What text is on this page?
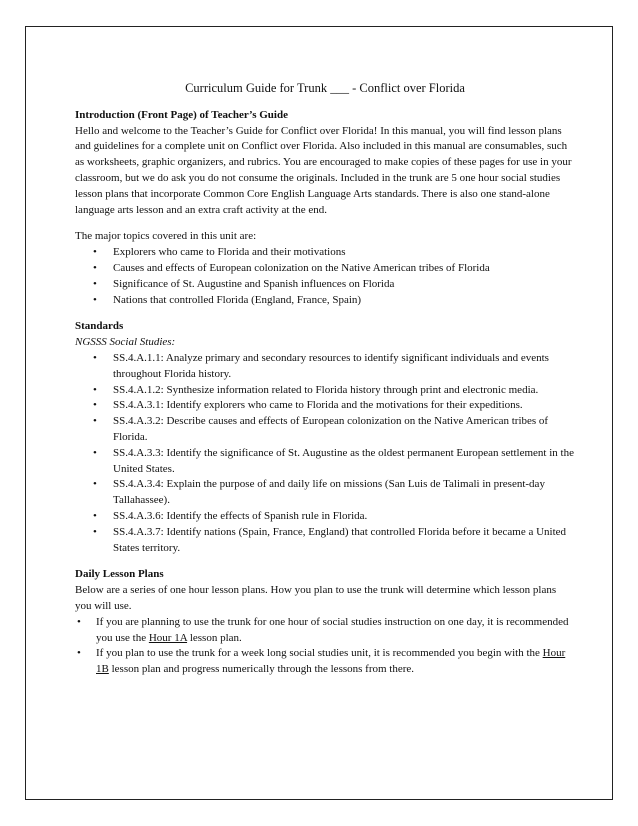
Curriculum Guide for Trunk ___ - Conflict over Florida
Introduction (Front Page) of Teacher’s Guide

Hello and welcome to the Teacher’s Guide for Conflict over Florida! In this manual, you will find lesson plans and guidelines for a complete unit on Conflict over Florida. Also included in this manual are consumables, such as worksheets, graphic organizers, and rubrics. You are encouraged to make copies of these pages for use in your classroom, but we do ask you do not consume the originals. Included in the trunk are 5 one hour social studies lesson plans that incorporate Common Core English Language Arts standards. There is also one stand-alone language arts lesson and an extra craft activity at the end.

The major topics covered in this unit are:

• Explorers who came to Florida and their motivations
• Causes and effects of European colonization on the Native American tribes of Florida
• Significance of St. Augustine and Spanish influences on Florida
• Nations that controlled Florida (England, France, Spain)
Standards

NGSSS Social Studies:

• SS.4.A.1.1: Analyze primary and secondary resources to identify significant individuals and events throughout Florida history.
• SS.4.A.1.2: Synthesize information related to Florida history through print and electronic media.
• SS.4.A.3.1: Identify explorers who came to Florida and the motivations for their expeditions.
• SS.4.A.3.2: Describe causes and effects of European colonization on the Native American tribes of Florida.
• SS.4.A.3.3: Identify the significance of St. Augustine as the oldest permanent European settlement in the United States.
• SS.4.A.3.4: Explain the purpose of and daily life on missions (San Luis de Talimali in present-day Tallahassee).
• SS.4.A.3.6: Identify the effects of Spanish rule in Florida.
• SS.4.A.3.7: Identify nations (Spain, France, England) that controlled Florida before it became a United States territory.
Daily Lesson Plans

Below are a series of one hour lesson plans. How you plan to use the trunk will determine which lesson plans you will use.

• If you are planning to use the trunk for one hour of social studies instruction on one day, it is recommended you use the Hour 1A lesson plan.
• If you plan to use the trunk for a week long social studies unit, it is recommended you begin with the Hour 1B lesson plan and progress numerically through the lessons from there.
